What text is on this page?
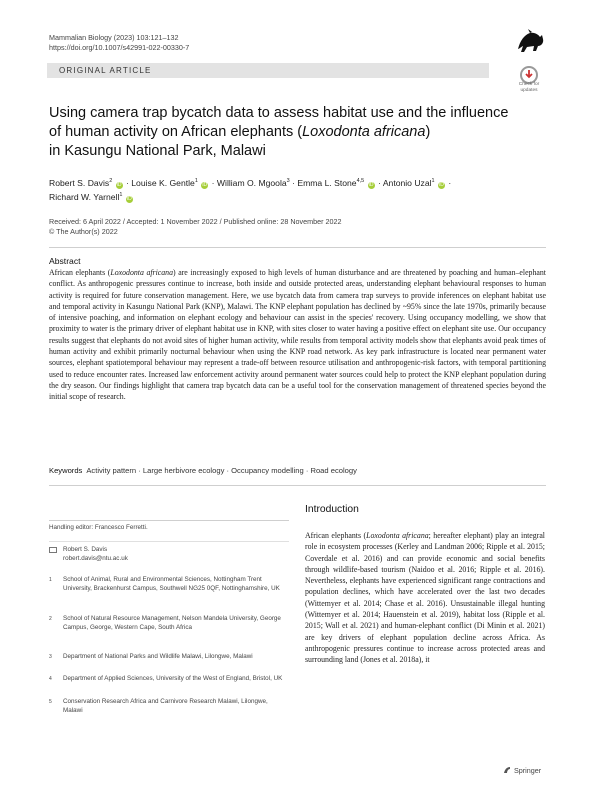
Mammalian Biology (2023) 103:121–132
https://doi.org/10.1007/s42991-022-00330-7
ORIGINAL ARTICLE
Check for
updates
Using camera trap bycatch data to assess habitat use and the influence of human activity on African elephants (Loxodonta africana)
in Kasungu National Park, Malawi
Robert S. Davis$^2$ iD · Louise K. Gentle$^1$ iD · William O. Mgoola$^3$ · Emma L. Stone$^{4,5}$ iD · Antonio Uzal$^1$ iD ·
Richard W. Yarnell$^1$ iD
Received: 6 April 2022 / Accepted: 1 November 2022 / Published online: 28 November 2022
© The Author(s) 2022
Abstract
African elephants (Loxodonta africana) are increasingly exposed to high levels of human disturbance and are threatened by poaching and human–elephant conflict. As anthropogenic pressures continue to increase, both inside and outside protected areas, understanding elephant behavioural responses to human activity is required for future conservation management. Here, we use bycatch data from camera trap surveys to provide inferences on elephant habitat use and temporal activity in Kasungu National Park (KNP), Malawi. The KNP elephant population has declined by ~95% since the late 1970s, primarily because of intensive poaching, and information on elephant ecology and behaviour can assist in the species' recovery. Using occupancy modelling, we show that proximity to water is the primary driver of elephant habitat use in KNP, with sites closer to water having a positive effect on elephant site use. Our occupancy results suggest that elephants do not avoid sites of higher human activity, while results from temporal activity models show that elephants avoid peak times of human activity and exhibit primarily nocturnal behaviour when using the KNP road network. As key park infrastructure is located near permanent water sources, elephant spatiotemporal behaviour may represent a trade-off between resource utilisation and anthropogenic-risk factors, with temporal partitioning used to reduce encounter rates. Increased law enforcement activity around permanent water sources could help to protect the KNP elephant population during the dry season. Our findings highlight that camera trap bycatch data can be a useful tool for the conservation management of threatened species beyond the initial scope of research.
Keywords Activity pattern · Large herbivore ecology · Occupancy modelling · Road ecology
Handling editor: Francesco Ferretti.
Robert S. Davis
robert.davis@ntu.ac.uk
1 School of Animal, Rural and Environmental Sciences, Nottingham Trent University, Brackenhurst Campus, Southwell NG25 0QF, Nottinghamshire, UK
2 School of Natural Resource Management, Nelson Mandela University, George Campus, George, Western Cape, South Africa
3 Department of National Parks and Wildlife Malawi, Lilongwe, Malawi
4 Department of Applied Sciences, University of the West of England, Bristol, UK
5 Conservation Research Africa and Carnivore Research Malawi, Lilongwe, Malawi
Introduction
African elephants (Loxodonta africana; hereafter elephant) play an integral role in ecosystem processes (Kerley and Landman 2006; Ripple et al. 2015; Coverdale et al. 2016) and can provide economic and social benefits through wildlife-based tourism (Naidoo et al. 2016; Ripple et al. 2016). Nevertheless, elephants have experienced significant range contractions and population declines, which have accelerated over the last two decades (Wittemyer et al. 2014; Chase et al. 2016). Unsustainable illegal hunting (Wittemyer et al. 2014; Hauenstein et al. 2019), habitat loss (Ripple et al. 2015; Wall et al. 2021) and human-elephant conflict (Di Minin et al. 2021) are key drivers of elephant population decline across Africa. As anthropogenic pressures continue to increase across protected areas and surrounding land (Jones et al. 2018a), it
Springer
